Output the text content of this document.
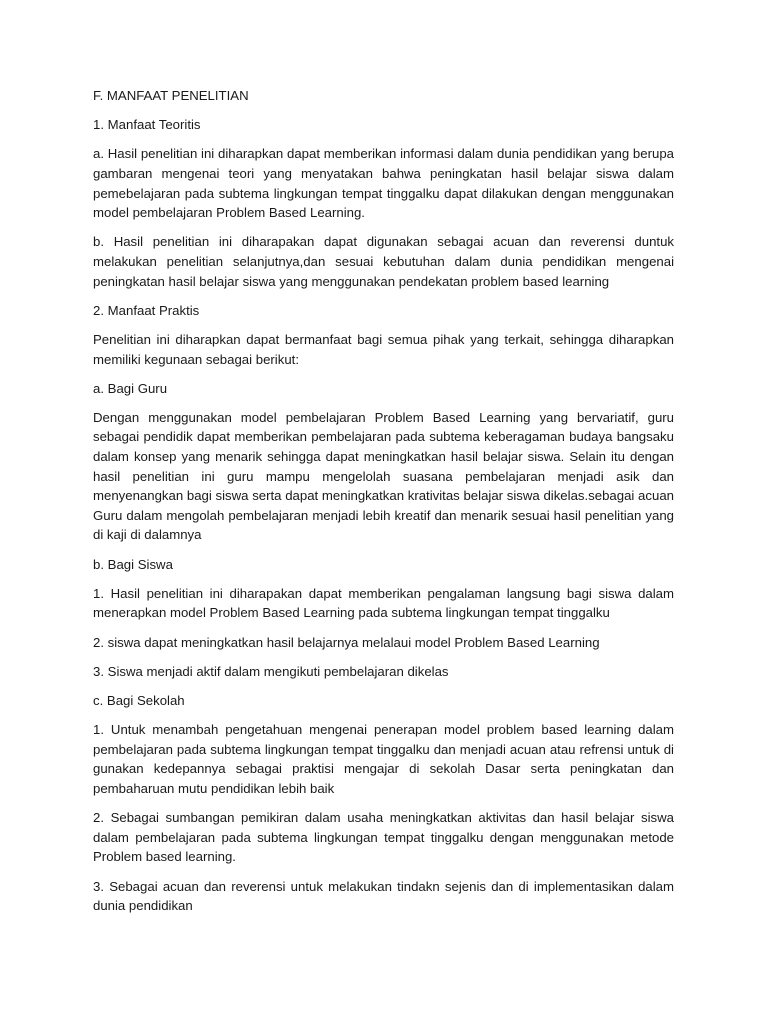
F. MANFAAT PENELITIAN

1. Manfaat Teoritis

a. Hasil penelitian ini diharapkan dapat memberikan informasi dalam dunia pendidikan yang berupa gambaran mengenai teori yang menyatakan bahwa peningkatan hasil belajar siswa dalam pemebelajaran pada subtema lingkungan tempat tinggalku dapat dilakukan dengan menggunakan model pembelajaran Problem Based Learning.

b. Hasil penelitian ini diharapakan dapat digunakan sebagai acuan dan reverensi duntuk melakukan penelitian selanjutnya,dan sesuai kebutuhan dalam dunia pendidikan mengenai peningkatan hasil belajar siswa yang menggunakan pendekatan problem based learning

2. Manfaat Praktis

Penelitian ini diharapkan dapat bermanfaat bagi semua pihak yang terkait, sehingga diharapkan memiliki kegunaan sebagai berikut:

a. Bagi Guru

Dengan menggunakan model pembelajaran Problem Based Learning yang bervariatif, guru sebagai pendidik dapat memberikan pembelajaran pada subtema keberagaman budaya bangsaku dalam konsep yang menarik sehingga dapat meningkatkan hasil belajar siswa. Selain itu dengan hasil penelitian ini guru mampu mengelolah suasana pembelajaran menjadi asik dan menyenangkan bagi siswa serta dapat meningkatkan krativitas belajar siswa dikelas.sebagai acuan Guru dalam mengolah pembelajaran menjadi lebih kreatif dan menarik sesuai hasil penelitian yang di kaji di dalamnya

b. Bagi Siswa

1. Hasil penelitian ini diharapakan dapat memberikan pengalaman langsung bagi siswa dalam menerapkan model Problem Based Learning pada subtema lingkungan tempat tinggalku

2. siswa dapat meningkatkan hasil belajarnya melalaui model Problem Based Learning

3. Siswa menjadi aktif dalam mengikuti pembelajaran dikelas

c. Bagi Sekolah

1. Untuk menambah pengetahuan mengenai penerapan model problem based learning dalam pembelajaran pada subtema lingkungan tempat tinggalku dan menjadi acuan atau refrensi untuk di gunakan kedepannya sebagai praktisi mengajar di sekolah Dasar serta peningkatan dan pembaharuan mutu pendidikan lebih baik

2. Sebagai sumbangan pemikiran dalam usaha meningkatkan aktivitas dan hasil belajar siswa dalam pembelajaran pada subtema lingkungan tempat tinggalku dengan menggunakan metode Problem based learning.

3. Sebagai acuan dan reverensi untuk melakukan tindakn sejenis dan di implementasikan dalam dunia pendidikan
